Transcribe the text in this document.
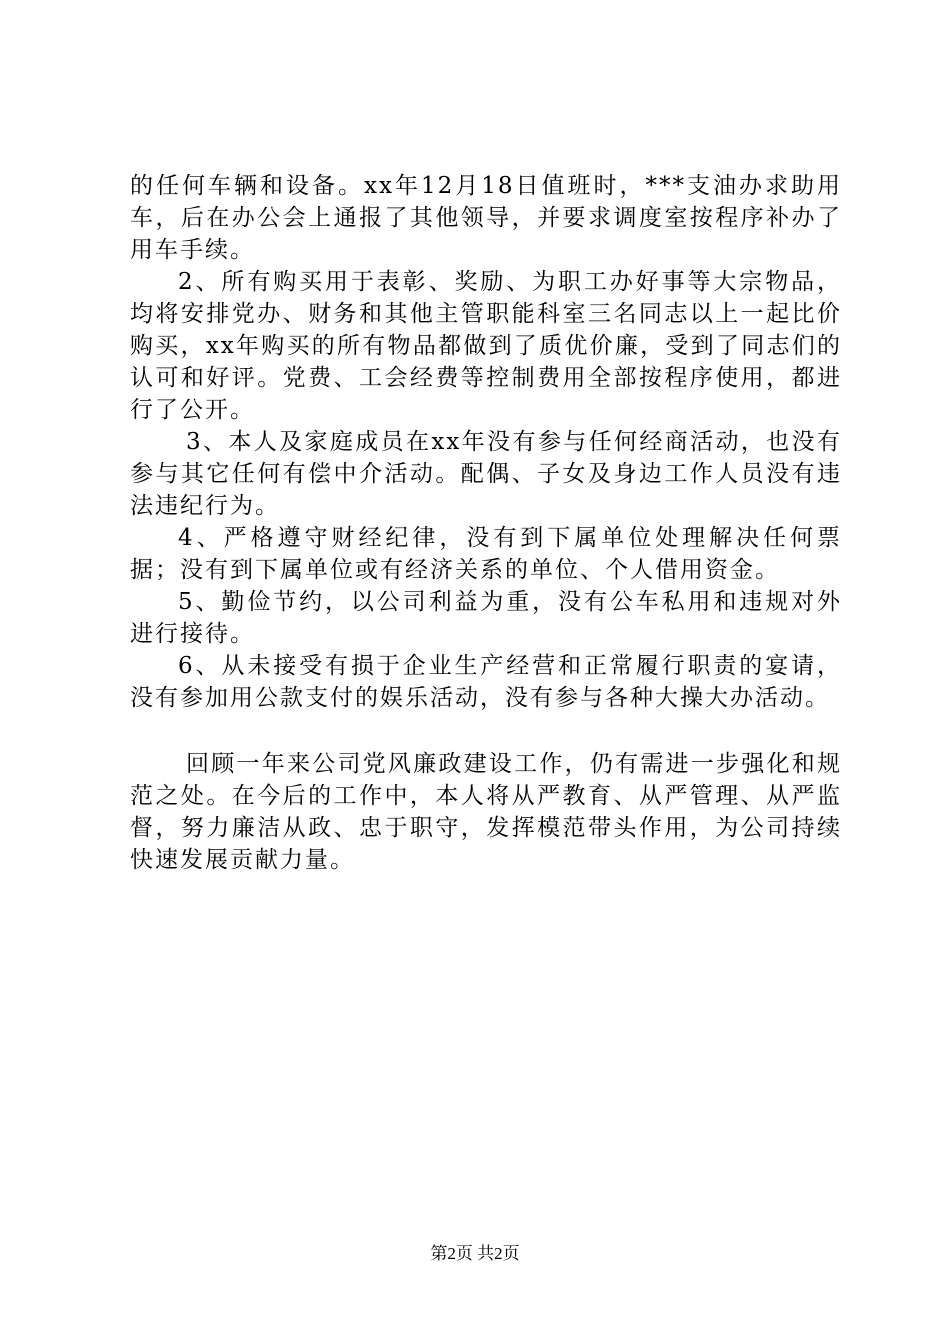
的任何车辆和设备。xx年12月18日值班时，***支油办求助用车，后在办公会上通报了其他领导，并要求调度室按程序补办了用车手续。

2、所有购买用于表彰、奖励、为职工办好事等大宗物品，均将安排党办、财务和其他主管职能科室三名同志以上一起比价购买，xx年购买的所有物品都做到了质优价廉，受到了同志们的认可和好评。党费、工会经费等控制费用全部按程序使用，都进行了公开。

3、本人及家庭成员在xx年没有参与任何经商活动，也没有参与其它任何有偿中介活动。配偶、子女及身边工作人员没有违法违纪行为。

4、严格遵守财经纪律，没有到下属单位处理解决任何票据；没有到下属单位或有经济关系的单位、个人借用资金。

5、勤俭节约，以公司利益为重，没有公车私用和违规对外进行接待。

6、从未接受有损于企业生产经营和正常履行职责的宴请，没有参加用公款支付的娱乐活动，没有参与各种大操大办活动。

回顾一年来公司党风廉政建设工作，仍有需进一步强化和规范之处。在今后的工作中，本人将从严教育、从严管理、从严监督，努力廉洁从政、忠于职守，发挥模范带头作用，为公司持续快速发展贡献力量。

第2页 共2页
